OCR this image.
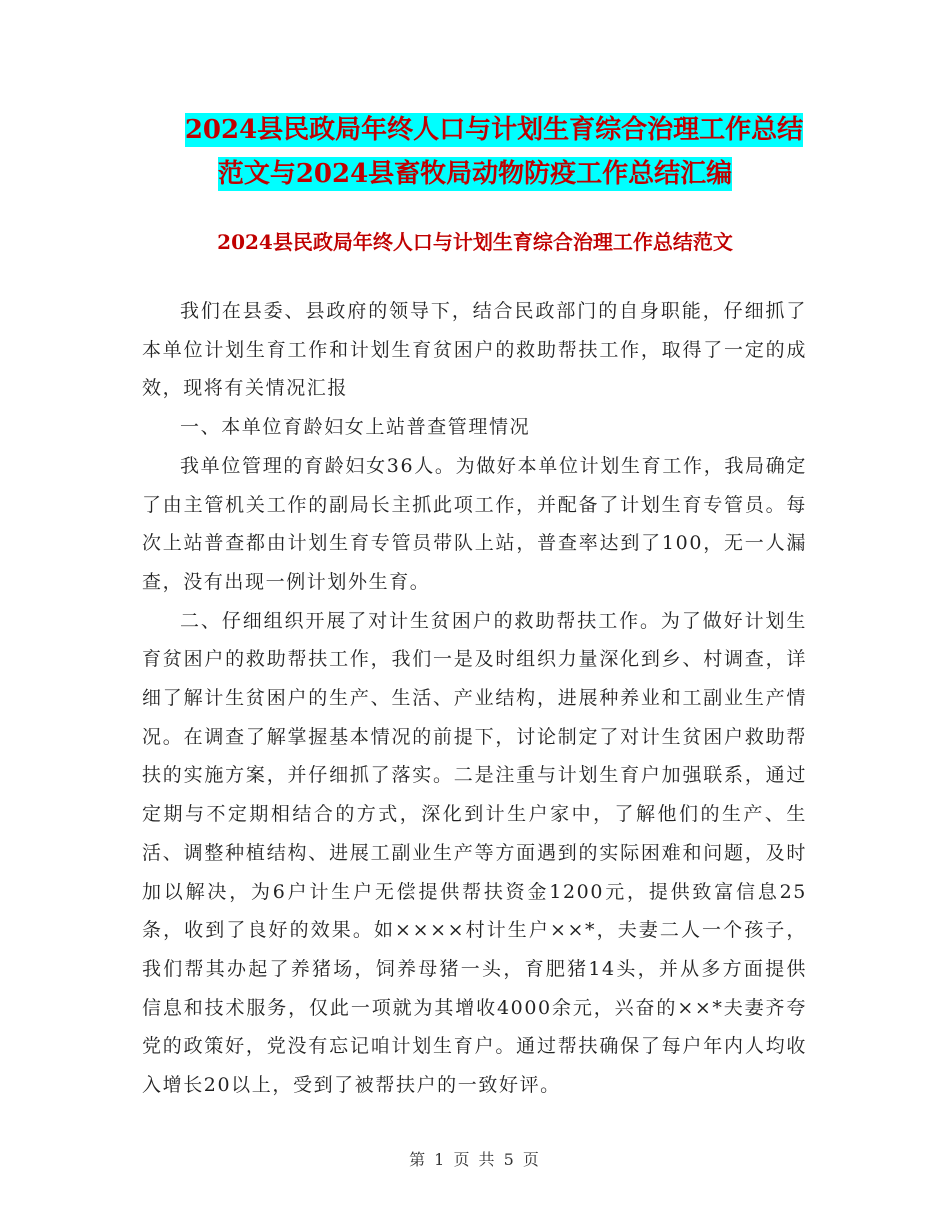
2024县民政局年终人口与计划生育综合治理工作总结
范文与2024县畜牧局动物防疫工作总结汇编
2024县民政局年终人口与计划生育综合治理工作总结范文

我们在县委、县政府的领导下，结合民政部门的自身职能，仔细抓了本单位计划生育工作和计划生育贫困户的救助帮扶工作，取得了一定的成效，现将有关情况汇报

一、本单位育龄妇女上站普查管理情况

我单位管理的育龄妇女36人。为做好本单位计划生育工作，我局确定了由主管机关工作的副局长主抓此项工作，并配备了计划生育专管员。每次上站普查都由计划生育专管员带队上站，普查率达到了100，无一人漏查，没有出现一例计划外生育。

二、仔细组织开展了对计生贫困户的救助帮扶工作。为了做好计划生育贫困户的救助帮扶工作，我们一是及时组织力量深化到乡、村调查，详细了解计生贫困户的生产、生活、产业结构，进展种养业和工副业生产情况。在调查了解掌握基本情况的前提下，讨论制定了对计生贫困户救助帮扶的实施方案，并仔细抓了落实。二是注重与计划生育户加强联系，通过定期与不定期相结合的方式，深化到计生户家中，了解他们的生产、生活、调整种植结构、进展工副业生产等方面遇到的实际困难和问题，及时加以解决，为6户计生户无偿提供帮扶资金1200元，提供致富信息25条，收到了良好的效果。如××××村计生户××*，夫妻二人一个孩子，我们帮其办起了养猪场，饲养母猪一头，育肥猪14头，并从多方面提供信息和技术服务，仅此一项就为其增收4000余元，兴奋的××*夫妻齐夸党的政策好，党没有忘记咱计划生育户。通过帮扶确保了每户年内人均收入增长20以上，受到了被帮扶户的一致好评。

第 1 页 共 5 页
